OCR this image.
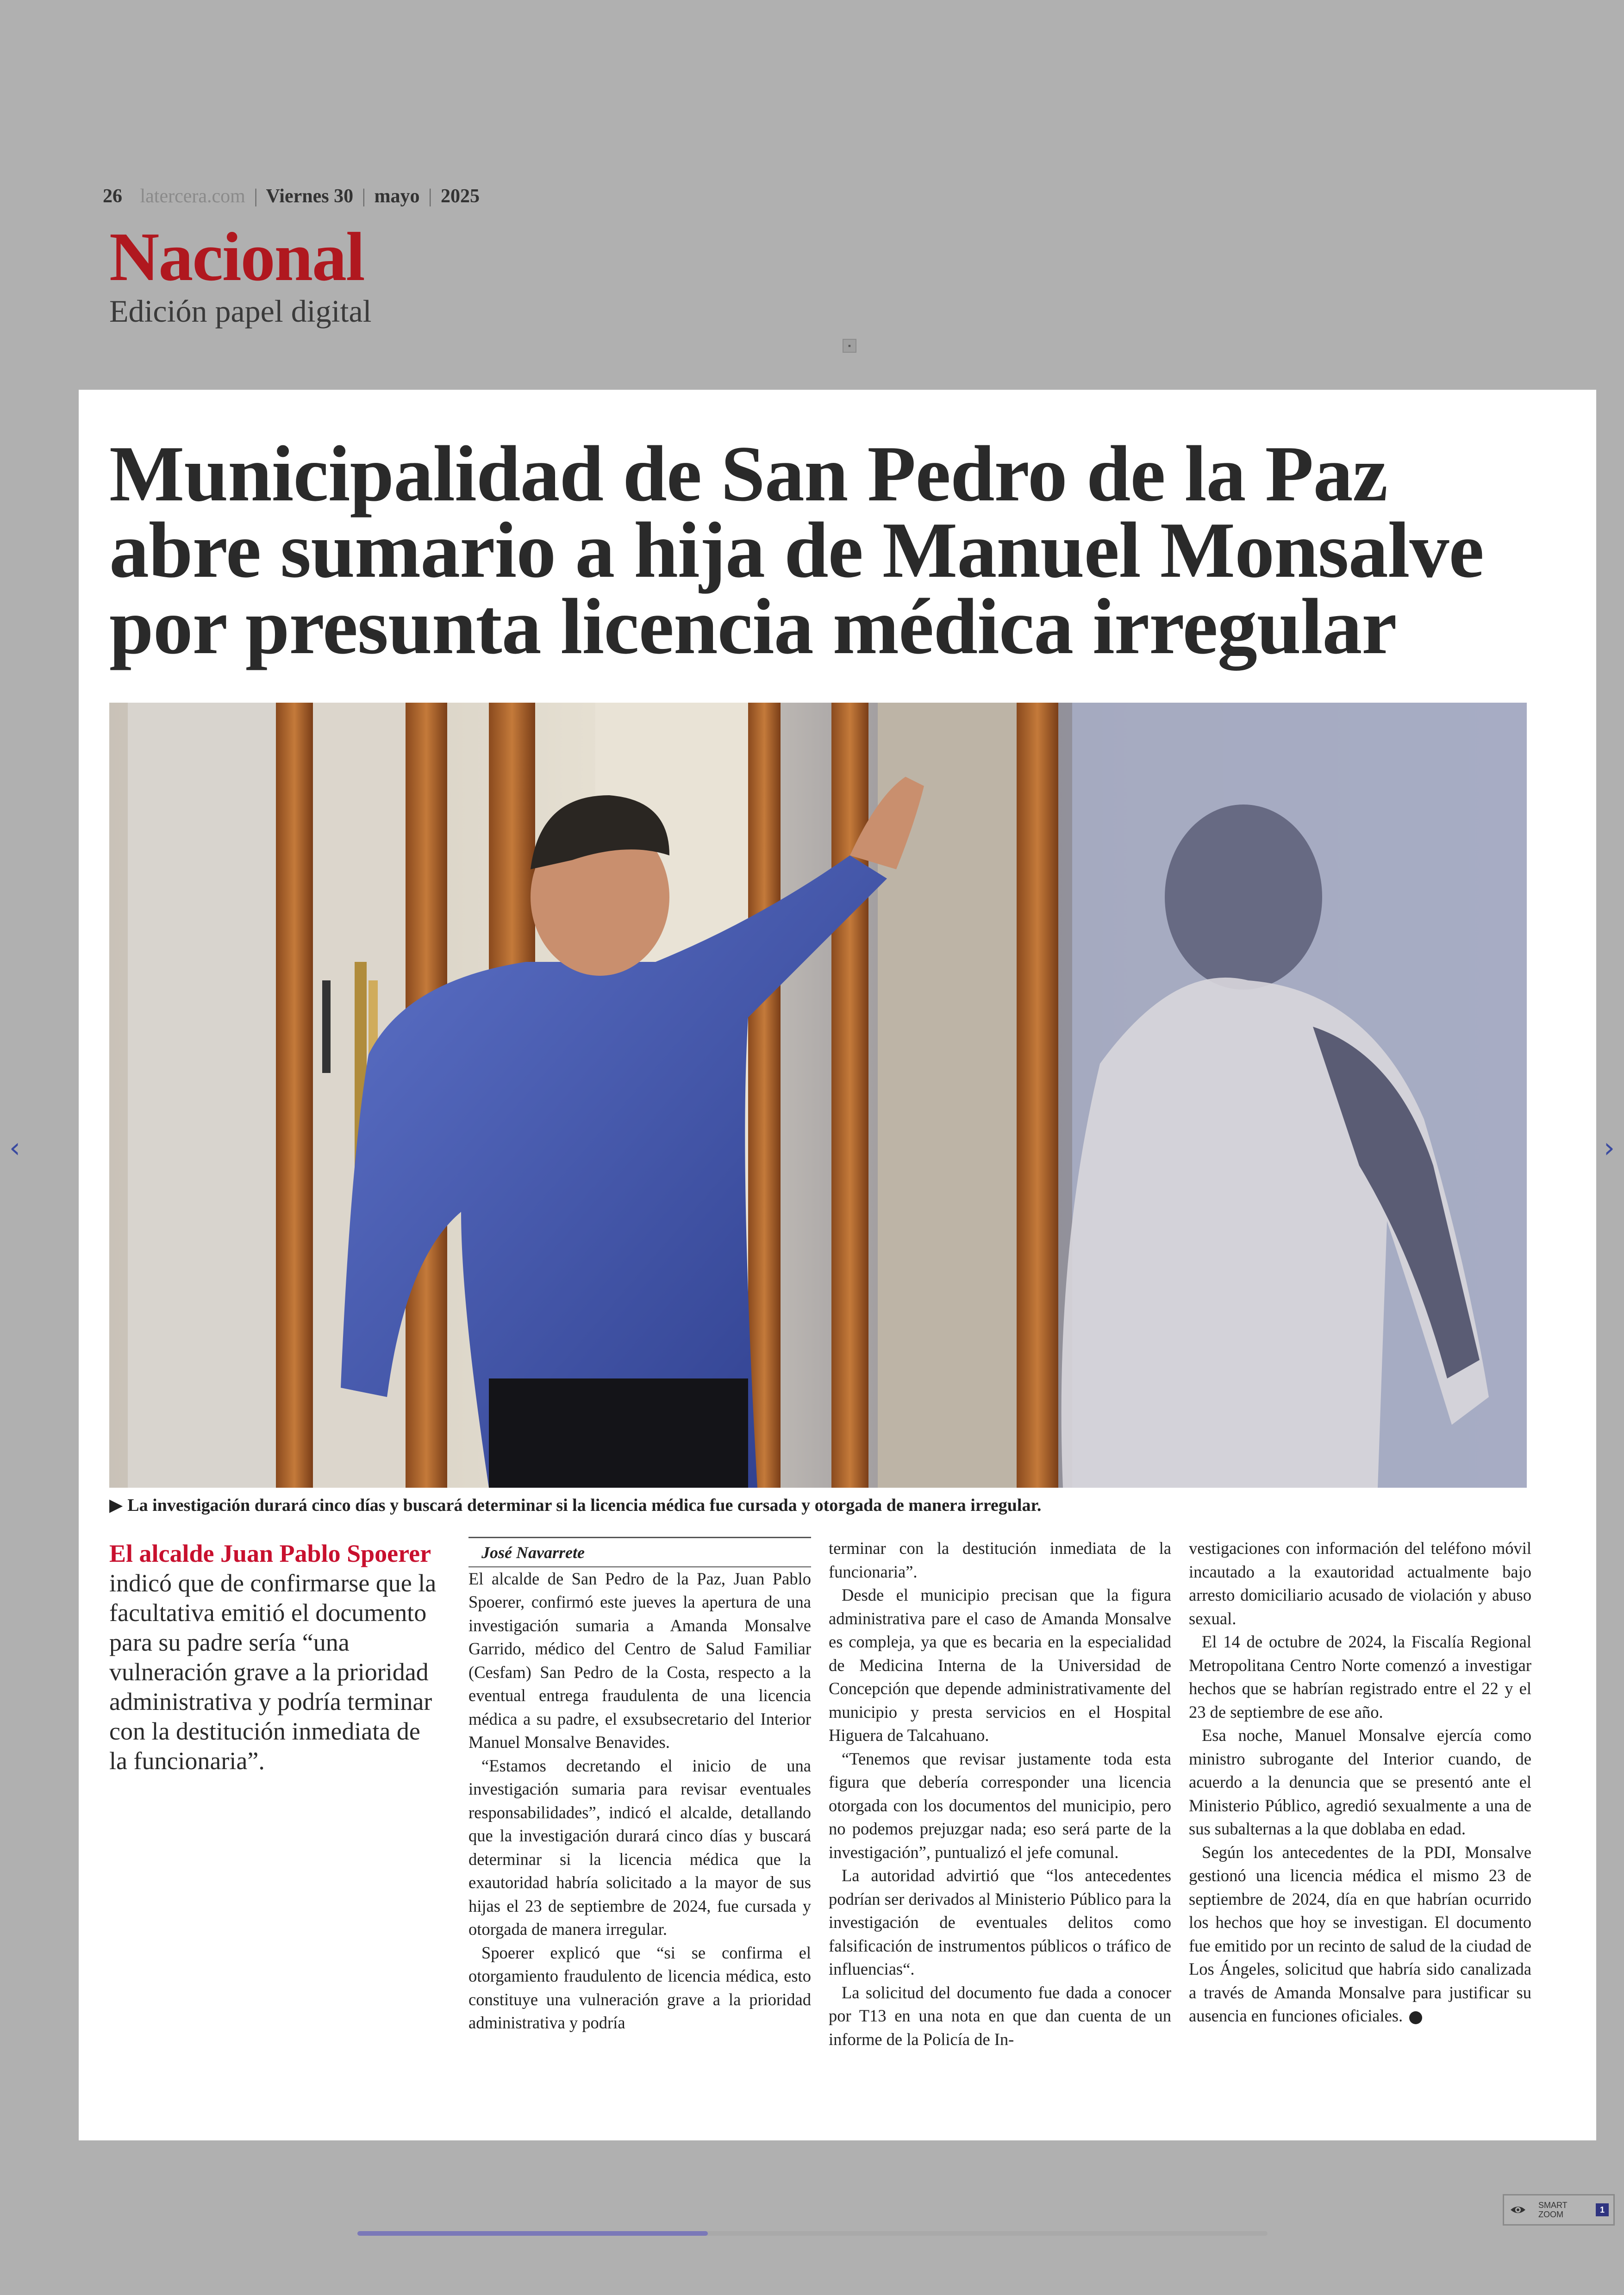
26 latercera.com | Viernes 30 | mayo | 2025
Nacional
Edición papel digital
▪
Municipalidad de San Pedro de la Paz abre sumario a hija de Manuel Monsalve por presunta licencia médica irregular
▶ La investigación durará cinco días y buscará determinar si la licencia médica fue cursada y otorgada de manera irregular.
El alcalde Juan Pablo Spoerer indicó que de confirmarse que la facultativa emitió el documento para su padre sería “una vulneración grave a la prioridad administrativa y podría terminar con la destitución inmediata de la funcionaria”.

José Navarrete

El alcalde de San Pedro de la Paz, Juan Pablo Spoerer, confirmó este jueves la apertura de una investigación sumaria a Amanda Monsalve Garrido, médico del Centro de Salud Familiar (Cesfam) San Pedro de la Costa, respecto a la eventual entrega fraudulenta de una licencia médica a su padre, el exsubsecretario del Interior Manuel Monsalve Benavides.

“Estamos decretando el inicio de una investigación sumaria para revisar eventuales responsabilidades”, indicó el alcalde, detallando que la investigación durará cinco días y buscará determinar si la licencia médica que la exautoridad habría solicitado a la mayor de sus hijas el 23 de septiembre de 2024, fue cursada y otorgada de manera irregular.

Spoerer explicó que “si se confirma el otorgamiento fraudulento de licencia médica, esto constituye una vulneración grave a la prioridad administrativa y podría

terminar con la destitución inmediata de la funcionaria”.

Desde el municipio precisan que la figura administrativa pare el caso de Amanda Monsalve es compleja, ya que es becaria en la especialidad de Medicina Interna de la Universidad de Concepción que depende administrativamente del municipio y presta servicios en el Hospital Higuera de Talcahuano.

“Tenemos que revisar justamente toda esta figura que debería corresponder una licencia otorgada con los documentos del municipio, pero no podemos prejuzgar nada; eso será parte de la investigación”, puntualizó el jefe comunal.

La autoridad advirtió que “los antecedentes podrían ser derivados al Ministerio Público para la investigación de eventuales delitos como falsificación de instrumentos públicos o tráfico de influencias“.

La solicitud del documento fue dada a conocer por T13 en una nota en que dan cuenta de un informe de la Policía de In-

vestigaciones con información del teléfono móvil incautado a la exautoridad actualmente bajo arresto domiciliario acusado de violación y abuso sexual.

El 14 de octubre de 2024, la Fiscalía Regional Metropolitana Centro Norte comenzó a investigar hechos que se habrían registrado entre el 22 y el 23 de septiembre de ese año.

Esa noche, Manuel Monsalve ejercía como ministro subrogante del Interior cuando, de acuerdo a la denuncia que se presentó ante el Ministerio Público, agredió sexualmente a una de sus subalternas a la que doblaba en edad.

Según los antecedentes de la PDI, Monsalve gestionó una licencia médica el mismo 23 de septiembre de 2024, día en que habrían ocurrido los hechos que hoy se investigan. El documento fue emitido por un recinto de salud de la ciudad de Los Ángeles, solicitud que habría sido canalizada a través de Amanda Monsalve para justificar su ausencia en funciones oficiales.

‹	›
SMART
ZOOM	1
